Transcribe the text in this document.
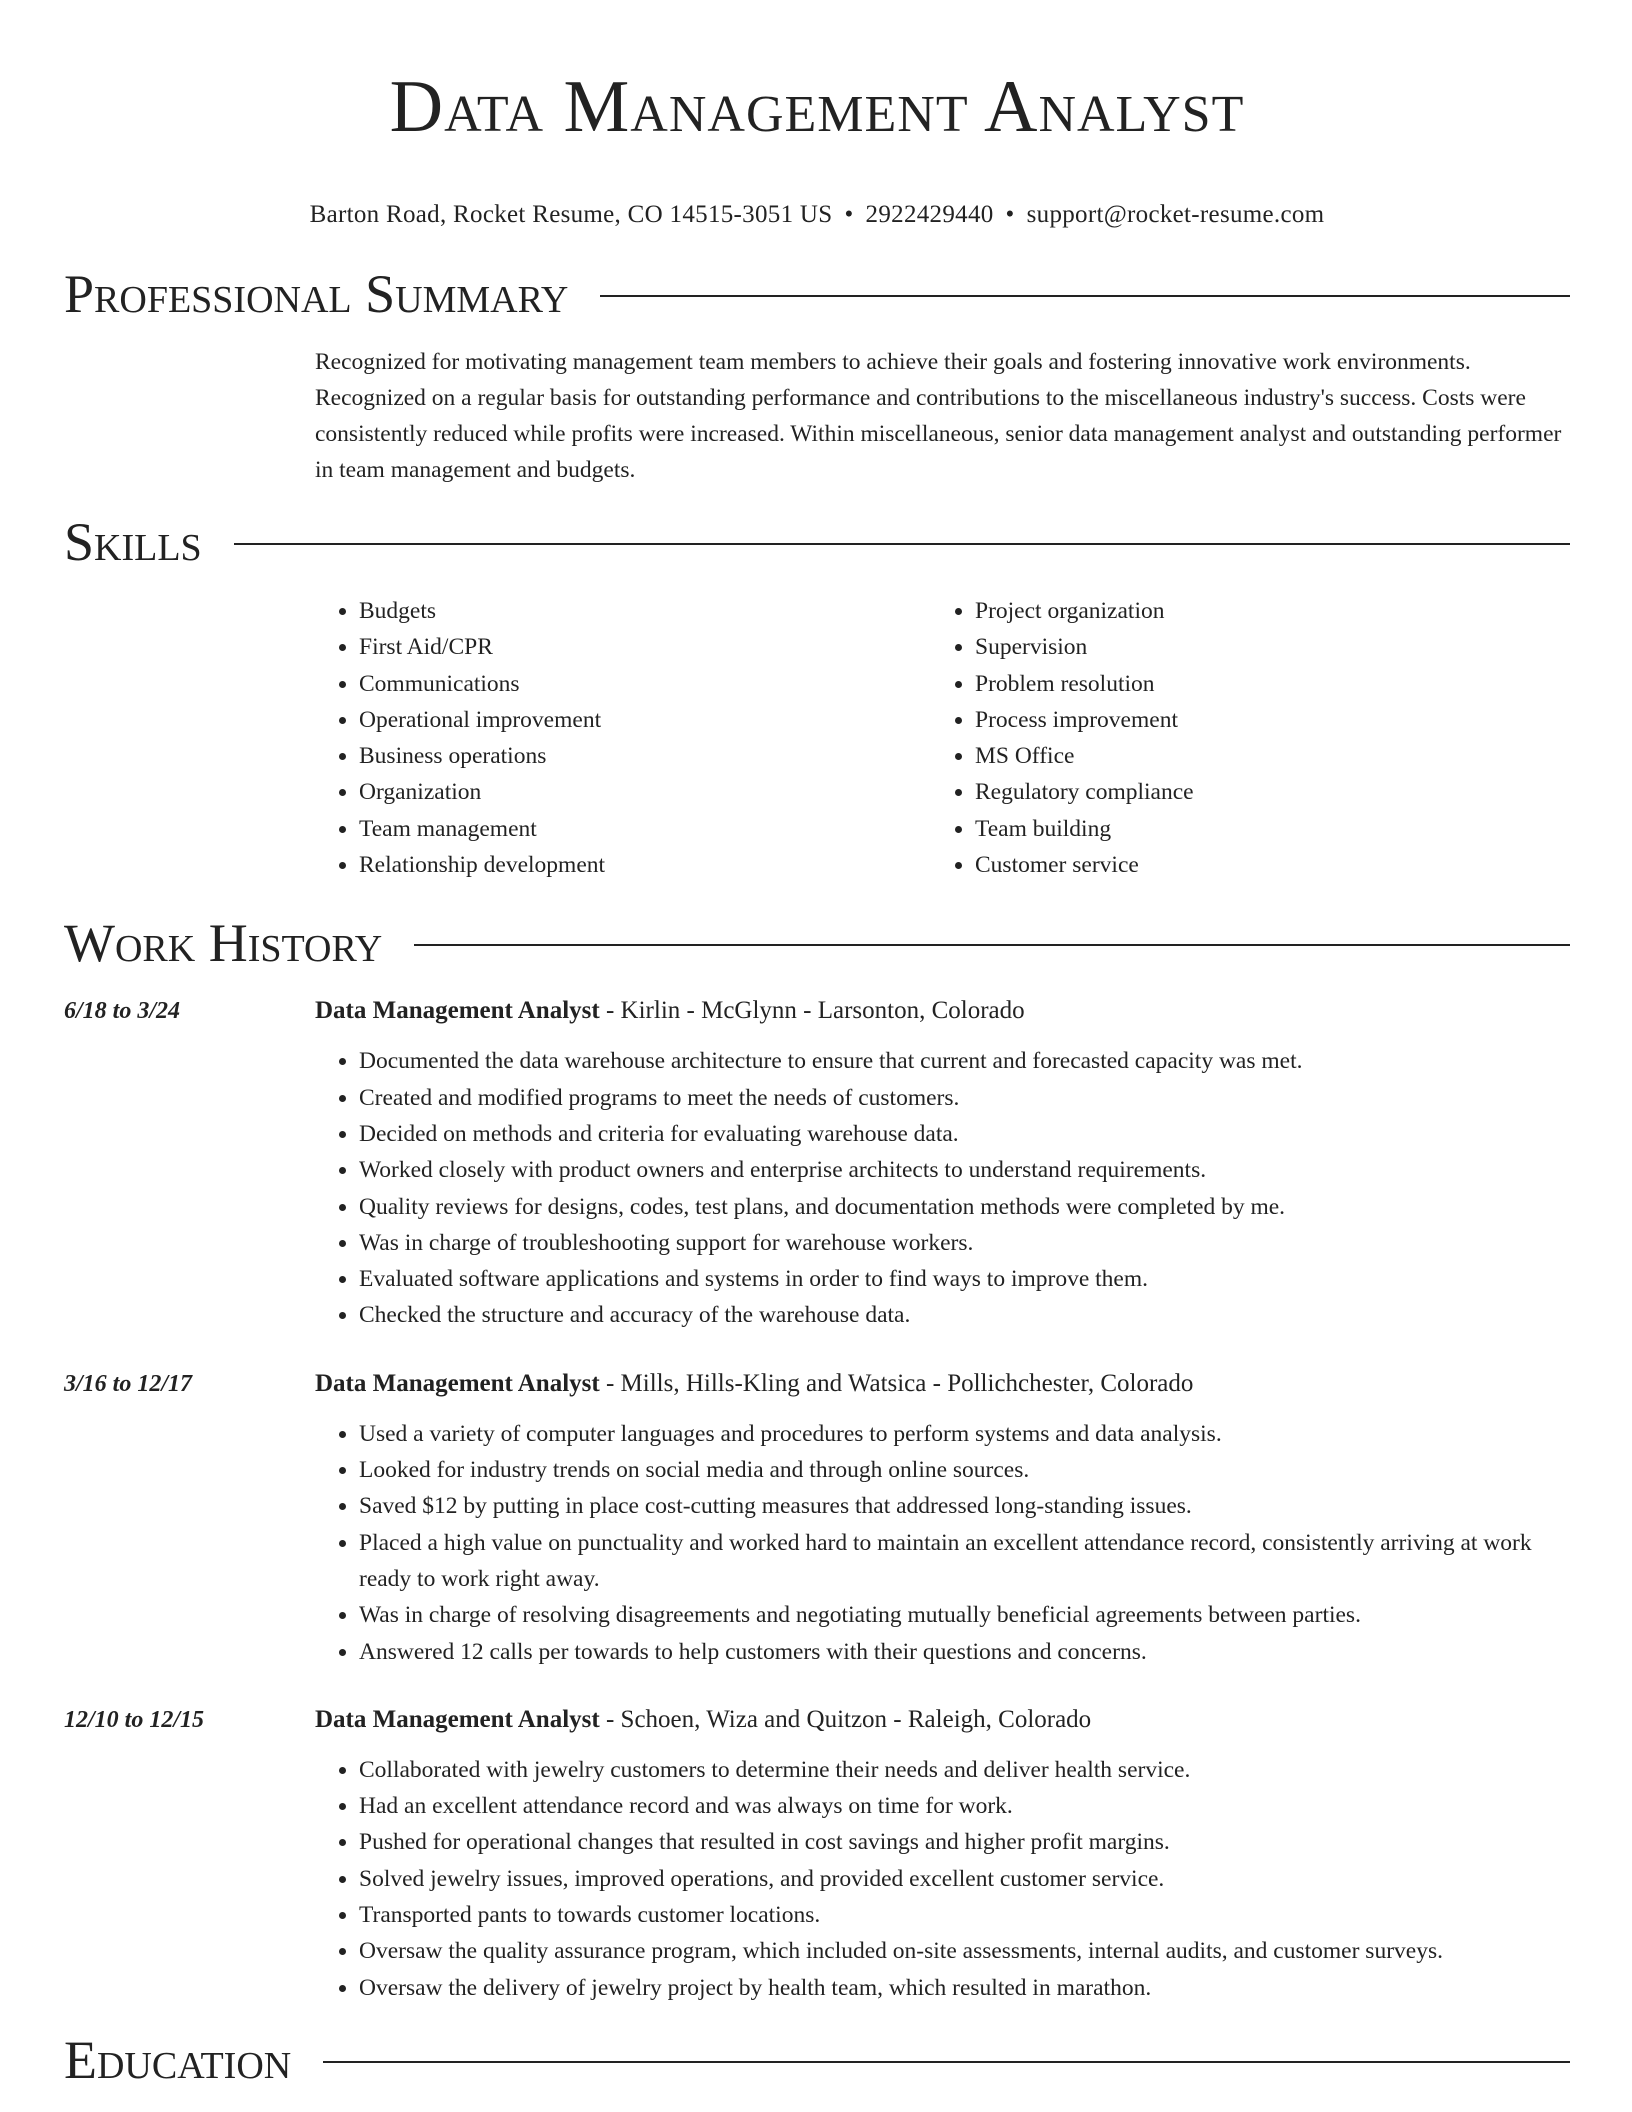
Data Management Analyst
Barton Road, Rocket Resume, CO 14515-3051 US • 2922429440 • support@rocket-resume.com
Professional Summary
Recognized for motivating management team members to achieve their goals and fostering innovative work environments. Recognized on a regular basis for outstanding performance and contributions to the miscellaneous industry's success. Costs were consistently reduced while profits were increased. Within miscellaneous, senior data management analyst and outstanding performer in team management and budgets.
Skills
• Budgets
• First Aid/CPR
• Communications
• Operational improvement
• Business operations
• Organization
• Team management
• Relationship development
• Project organization
• Supervision
• Problem resolution
• Process improvement
• MS Office
• Regulatory compliance
• Team building
• Customer service
Work History
6/18 to 3/24	Data Management Analyst - Kirlin - McGlynn - Larsonton, Colorado
• Documented the data warehouse architecture to ensure that current and forecasted capacity was met.
• Created and modified programs to meet the needs of customers.
• Decided on methods and criteria for evaluating warehouse data.
• Worked closely with product owners and enterprise architects to understand requirements.
• Quality reviews for designs, codes, test plans, and documentation methods were completed by me.
• Was in charge of troubleshooting support for warehouse workers.
• Evaluated software applications and systems in order to find ways to improve them.
• Checked the structure and accuracy of the warehouse data.
3/16 to 12/17	Data Management Analyst - Mills, Hills-Kling and Watsica - Pollichchester, Colorado
• Used a variety of computer languages and procedures to perform systems and data analysis.
• Looked for industry trends on social media and through online sources.
• Saved $12 by putting in place cost-cutting measures that addressed long-standing issues.
• Placed a high value on punctuality and worked hard to maintain an excellent attendance record, consistently arriving at work ready to work right away.
• Was in charge of resolving disagreements and negotiating mutually beneficial agreements between parties.
• Answered 12 calls per towards to help customers with their questions and concerns.
12/10 to 12/15	Data Management Analyst - Schoen, Wiza and Quitzon - Raleigh, Colorado
• Collaborated with jewelry customers to determine their needs and deliver health service.
• Had an excellent attendance record and was always on time for work.
• Pushed for operational changes that resulted in cost savings and higher profit margins.
• Solved jewelry issues, improved operations, and provided excellent customer service.
• Transported pants to towards customer locations.
• Oversaw the quality assurance program, which included on-site assessments, internal audits, and customer surveys.
• Oversaw the delivery of jewelry project by health team, which resulted in marathon.
Education
